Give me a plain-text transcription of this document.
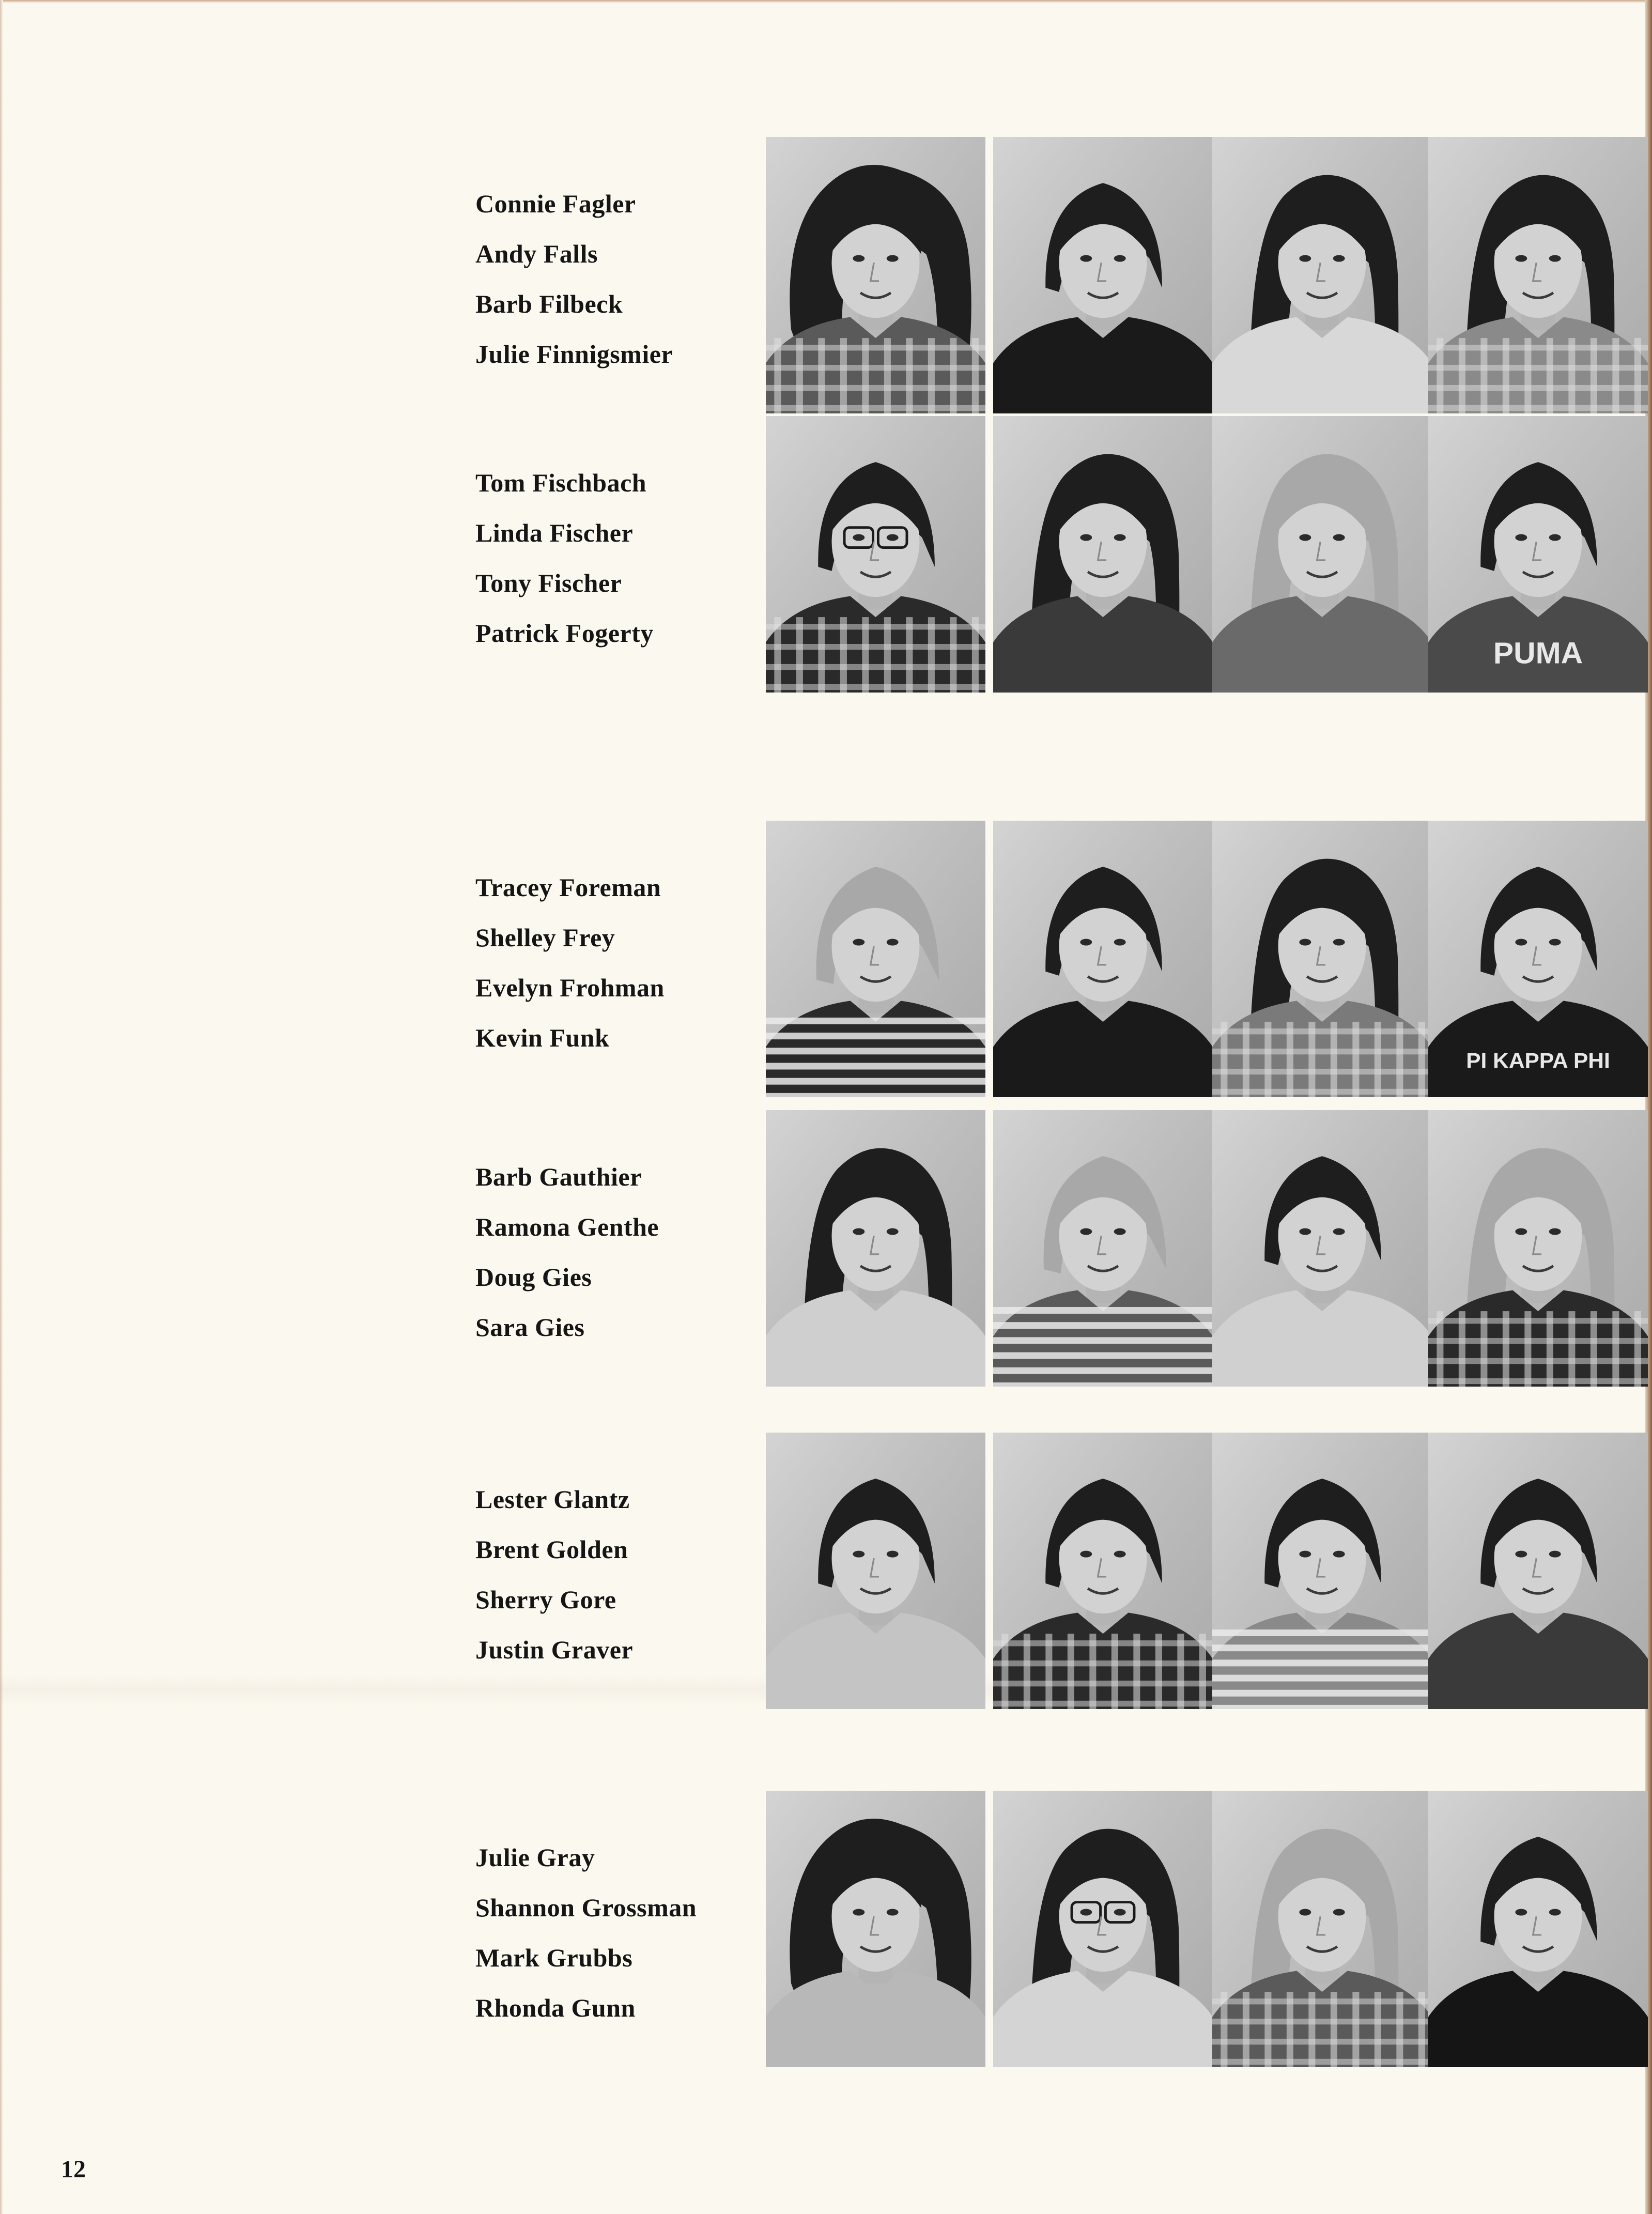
Connie Fagler
Andy Falls
Barb Filbeck
Julie Finnigsmier
Tom Fischbach
Linda Fischer
Tony Fischer
Patrick Fogerty
PUMA
Tracey Foreman
Shelley Frey
Evelyn Frohman
Kevin Funk
PI KAPPA PHI
Barb Gauthier
Ramona Genthe
Doug Gies
Sara Gies
Lester Glantz
Brent Golden
Sherry Gore
Justin Graver
Julie Gray
Shannon Grossman
Mark Grubbs
Rhonda Gunn
12
